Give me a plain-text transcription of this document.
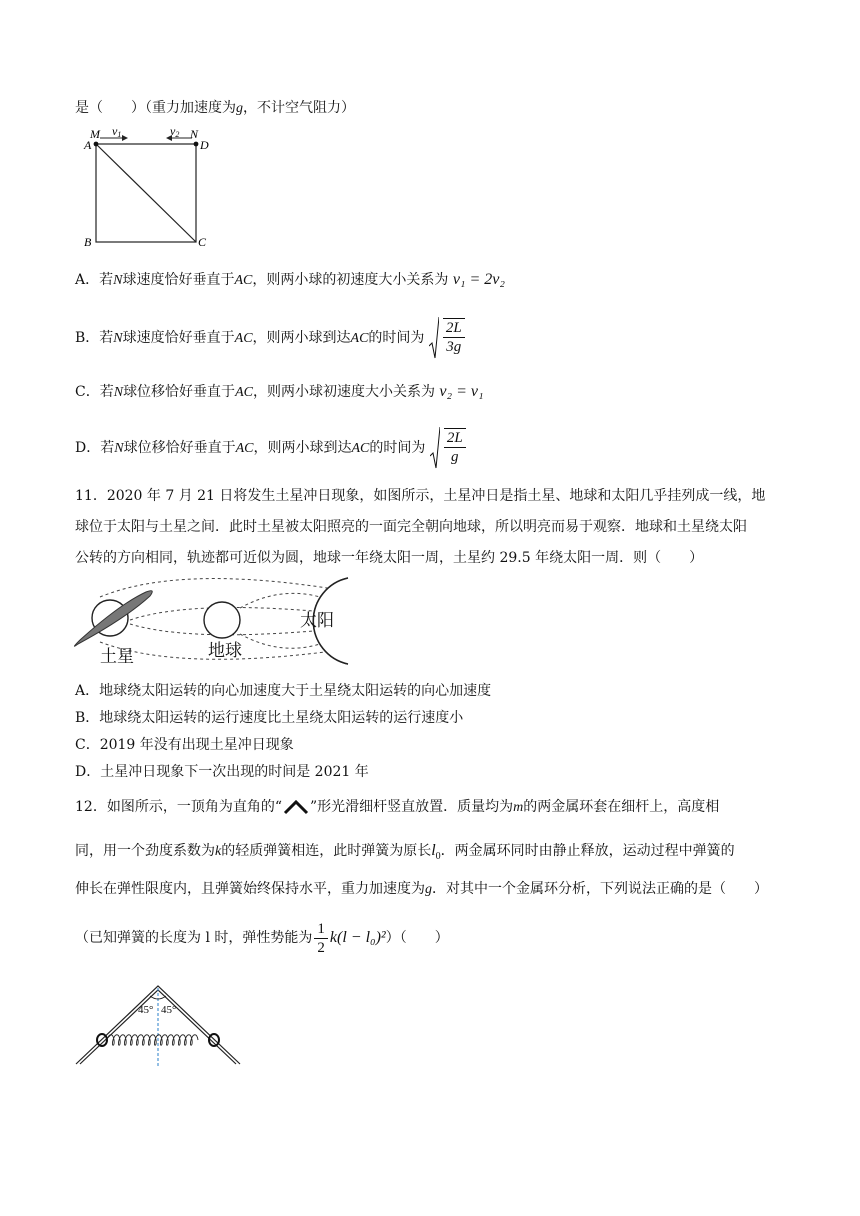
是（　　）（重力加速度为g，不计空气阻力）
M
A
N
D
B	C
v1	v2
A．若N球速度恰好垂直于AC，则两小球的初速度大小关系为 v₁ = 2v₂
B．若N球速度恰好垂直于AC，则两小球到达AC的时间为 $\frac{2L}{3g}$
C．若N球位移恰好垂直于AC，则两小球初速度大小关系为 v₂ = v₁
D．若N球位移恰好垂直于AC，则两小球到达AC的时间为 $\frac{2L}{g}$
11．2020 年 7 月 21 日将发生土星冲日现象，如图所示，土星冲日是指土星、地球和太阳几乎挂列成一线，地
球位于太阳与土星之间．此时土星被太阳照亮的一面完全朝向地球，所以明亮而易于观察．地球和土星绕太阳
公转的方向相同，轨迹都可近似为圆，地球一年绕太阳一周，土星约 29.5 年绕太阳一周．则（　　）
太阳
地球
土星
A．地球绕太阳运转的向心加速度大于土星绕太阳运转的向心加速度
B．地球绕太阳运转的运行速度比土星绕太阳运转的运行速度小
C．2019 年没有出现土星冲日现象
D．土星冲日现象下一次出现的时间是 2021 年
12．如图所示，一顶角为直角的“ ”形光滑细杆竖直放置．质量均为m的两金属环套在细杆上，高度相
同，用一个劲度系数为k的轻质弹簧相连，此时弹簧为原长$l_0$．两金属环同时由静止释放，运动过程中弹簧的
伸长在弹性限度内，且弹簧始终保持水平，重力加速度为g．对其中一个金属环分析，下列说法正确的是（　　）
（已知弹簧的长度为 l 时，弹性势能为 $\frac{1}{2} k(l - l_0)^2$）（　　）
45° 45°
